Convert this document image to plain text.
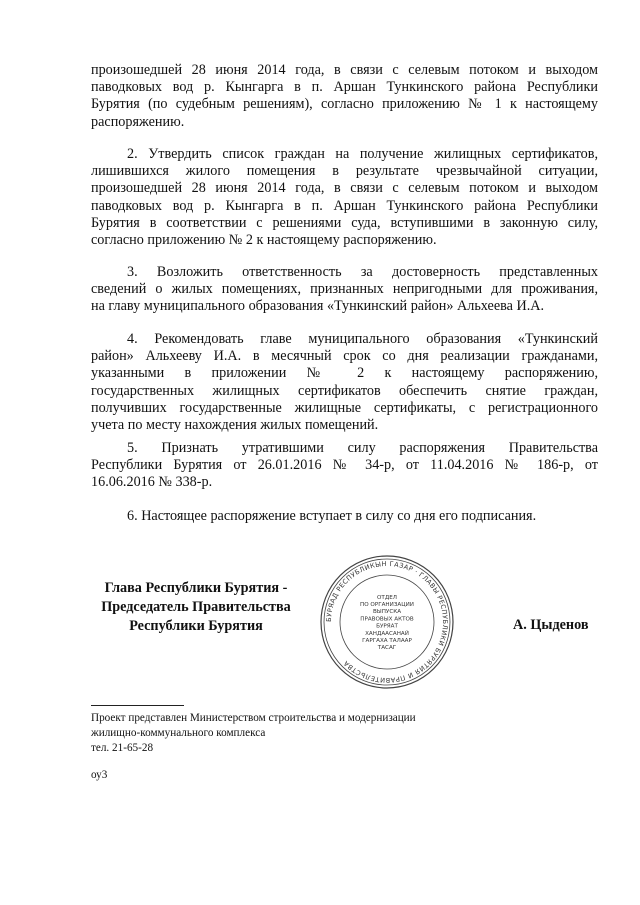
произошедшей 28 июня 2014 года, в связи с селевым потоком и выходом
паводковых вод р. Кынгарга в п. Аршан Тункинского района Республики
Бурятия (по судебным решениям), согласно приложению № 1 к настоящему
распоряжению.

2. Утвердить список граждан на получение жилищных сертификатов,
лишившихся жилого помещения в результате чрезвычайной ситуации,
произошедшей 28 июня 2014 года, в связи с селевым потоком и выходом
паводковых вод р. Кынгарга в п. Аршан Тункинского района Республики
Бурятия в соответствии с решениями суда, вступившими в законную силу,
согласно приложению № 2 к настоящему распоряжению.

3. Возложить ответственность за достоверность представленных
сведений о жилых помещениях, признанных непригодными для проживания,
на главу муниципального образования «Тункинский район» Альхеева И.А.

4. Рекомендовать главе муниципального образования «Тункинский
район» Альхееву И.А. в месячный срок со дня реализации гражданами,
указанными в приложении № 2 к настоящему распоряжению,
государственных жилищных сертификатов обеспечить снятие граждан,
получивших государственные жилищные сертификаты, с регистрационного
учета по месту нахождения жилых помещений.

5. Признать утратившими силу распоряжения Правительства
Республики Бурятия от 26.01.2016 № 34-р, от 11.04.2016 № 186-р, от
16.06.2016 № 338-р.

6. Настоящее распоряжение вступает в силу со дня его подписания.

Глава Республики Бурятия -
Председатель Правительства
Республики Бурятия	БУРЯАД РЕСПУБЛИКЫН ГАЗАР · ГЛАВЫ РЕСПУБЛИКИ БУРЯТИЯ И ПРАВИТЕЛЬСТВА
ОТДЕЛ
ПО ОРГАНИЗАЦИИ
ВЫПУСКА
ПРАВОВЫХ АКТОВ
БУРЯАТ
ХАНДААСАНАЙ
ГАРГАХА ТАЛААР
ТАСАГ
А. Цыденов
Проект представлен Министерством строительства и модернизации
жилищно-коммунального комплекса
тел. 21-65-28
оу3
